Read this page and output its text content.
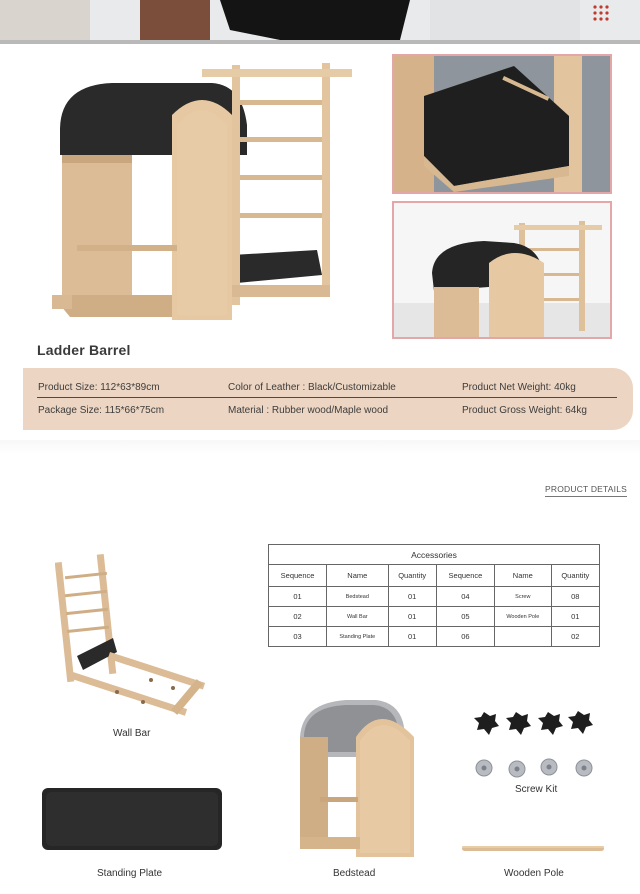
Ladder Barrel
Product Size: 112*63*89cm	Color of Leather : Black/Customizable	Product Net Weight: 40kg
Package Size: 115*66*75cm	Material : Rubber wood/Maple wood	Product Gross Weight: 64kg
PRODUCT DETAILS
Accessories					
Sequence	Name	Quantity	Sequence	Name	Quantity
01	Bedstead	01	04	Screw	08
02	Wall Bar	01	05	Wooden Pole	01
03	Standing Plate	01	06		02
Wall Bar
Screw Kit
Standing Plate	Bedstead	Wooden Pole
